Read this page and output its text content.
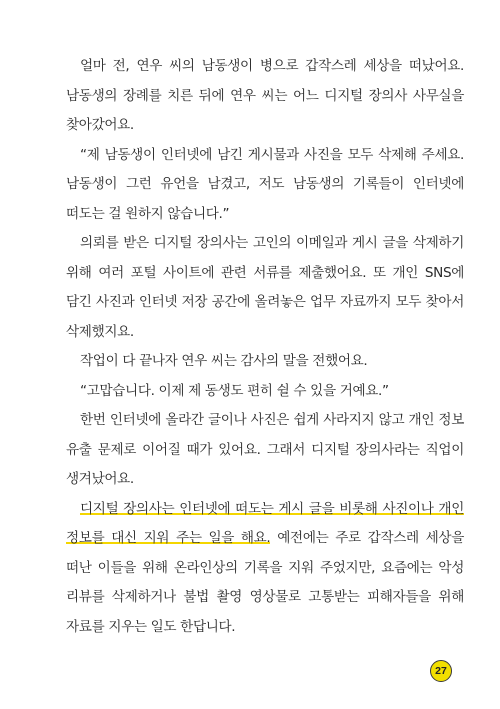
얼마 전, 연우 씨의 남동생이 병으로 갑작스레 세상을 떠났어요. 남동생의 장례를 치른 뒤에 연우 씨는 어느 디지털 장의사 사무실을 찾아갔어요.

“제 남동생이 인터넷에 남긴 게시물과 사진을 모두 삭제해 주세요. 남동생이 그런 유언을 남겼고, 저도 남동생의 기록들이 인터넷에 떠도는 걸 원하지 않습니다.”

의뢰를 받은 디지털 장의사는 고인의 이메일과 게시 글을 삭제하기 위해 여러 포털 사이트에 관련 서류를 제출했어요. 또 개인 SNS에 담긴 사진과 인터넷 저장 공간에 올려놓은 업무 자료까지 모두 찾아서 삭제했지요.

작업이 다 끝나자 연우 씨는 감사의 말을 전했어요.

“고맙습니다. 이제 제 동생도 편히 쉴 수 있을 거예요.”

한번 인터넷에 올라간 글이나 사진은 쉽게 사라지지 않고 개인 정보 유출 문제로 이어질 때가 있어요. 그래서 디지털 장의사라는 직업이 생겨났어요.

디지털 장의사는 인터넷에 떠도는 게시 글을 비롯해 사진이나 개인 정보를 대신 지워 주는 일을 해요. 예전에는 주로 갑작스레 세상을 떠난 이들을 위해 온라인상의 기록을 지워 주었지만, 요즘에는 악성 리뷰를 삭제하거나 불법 촬영 영상물로 고통받는 피해자들을 위해 자료를 지우는 일도 한답니다.

27
